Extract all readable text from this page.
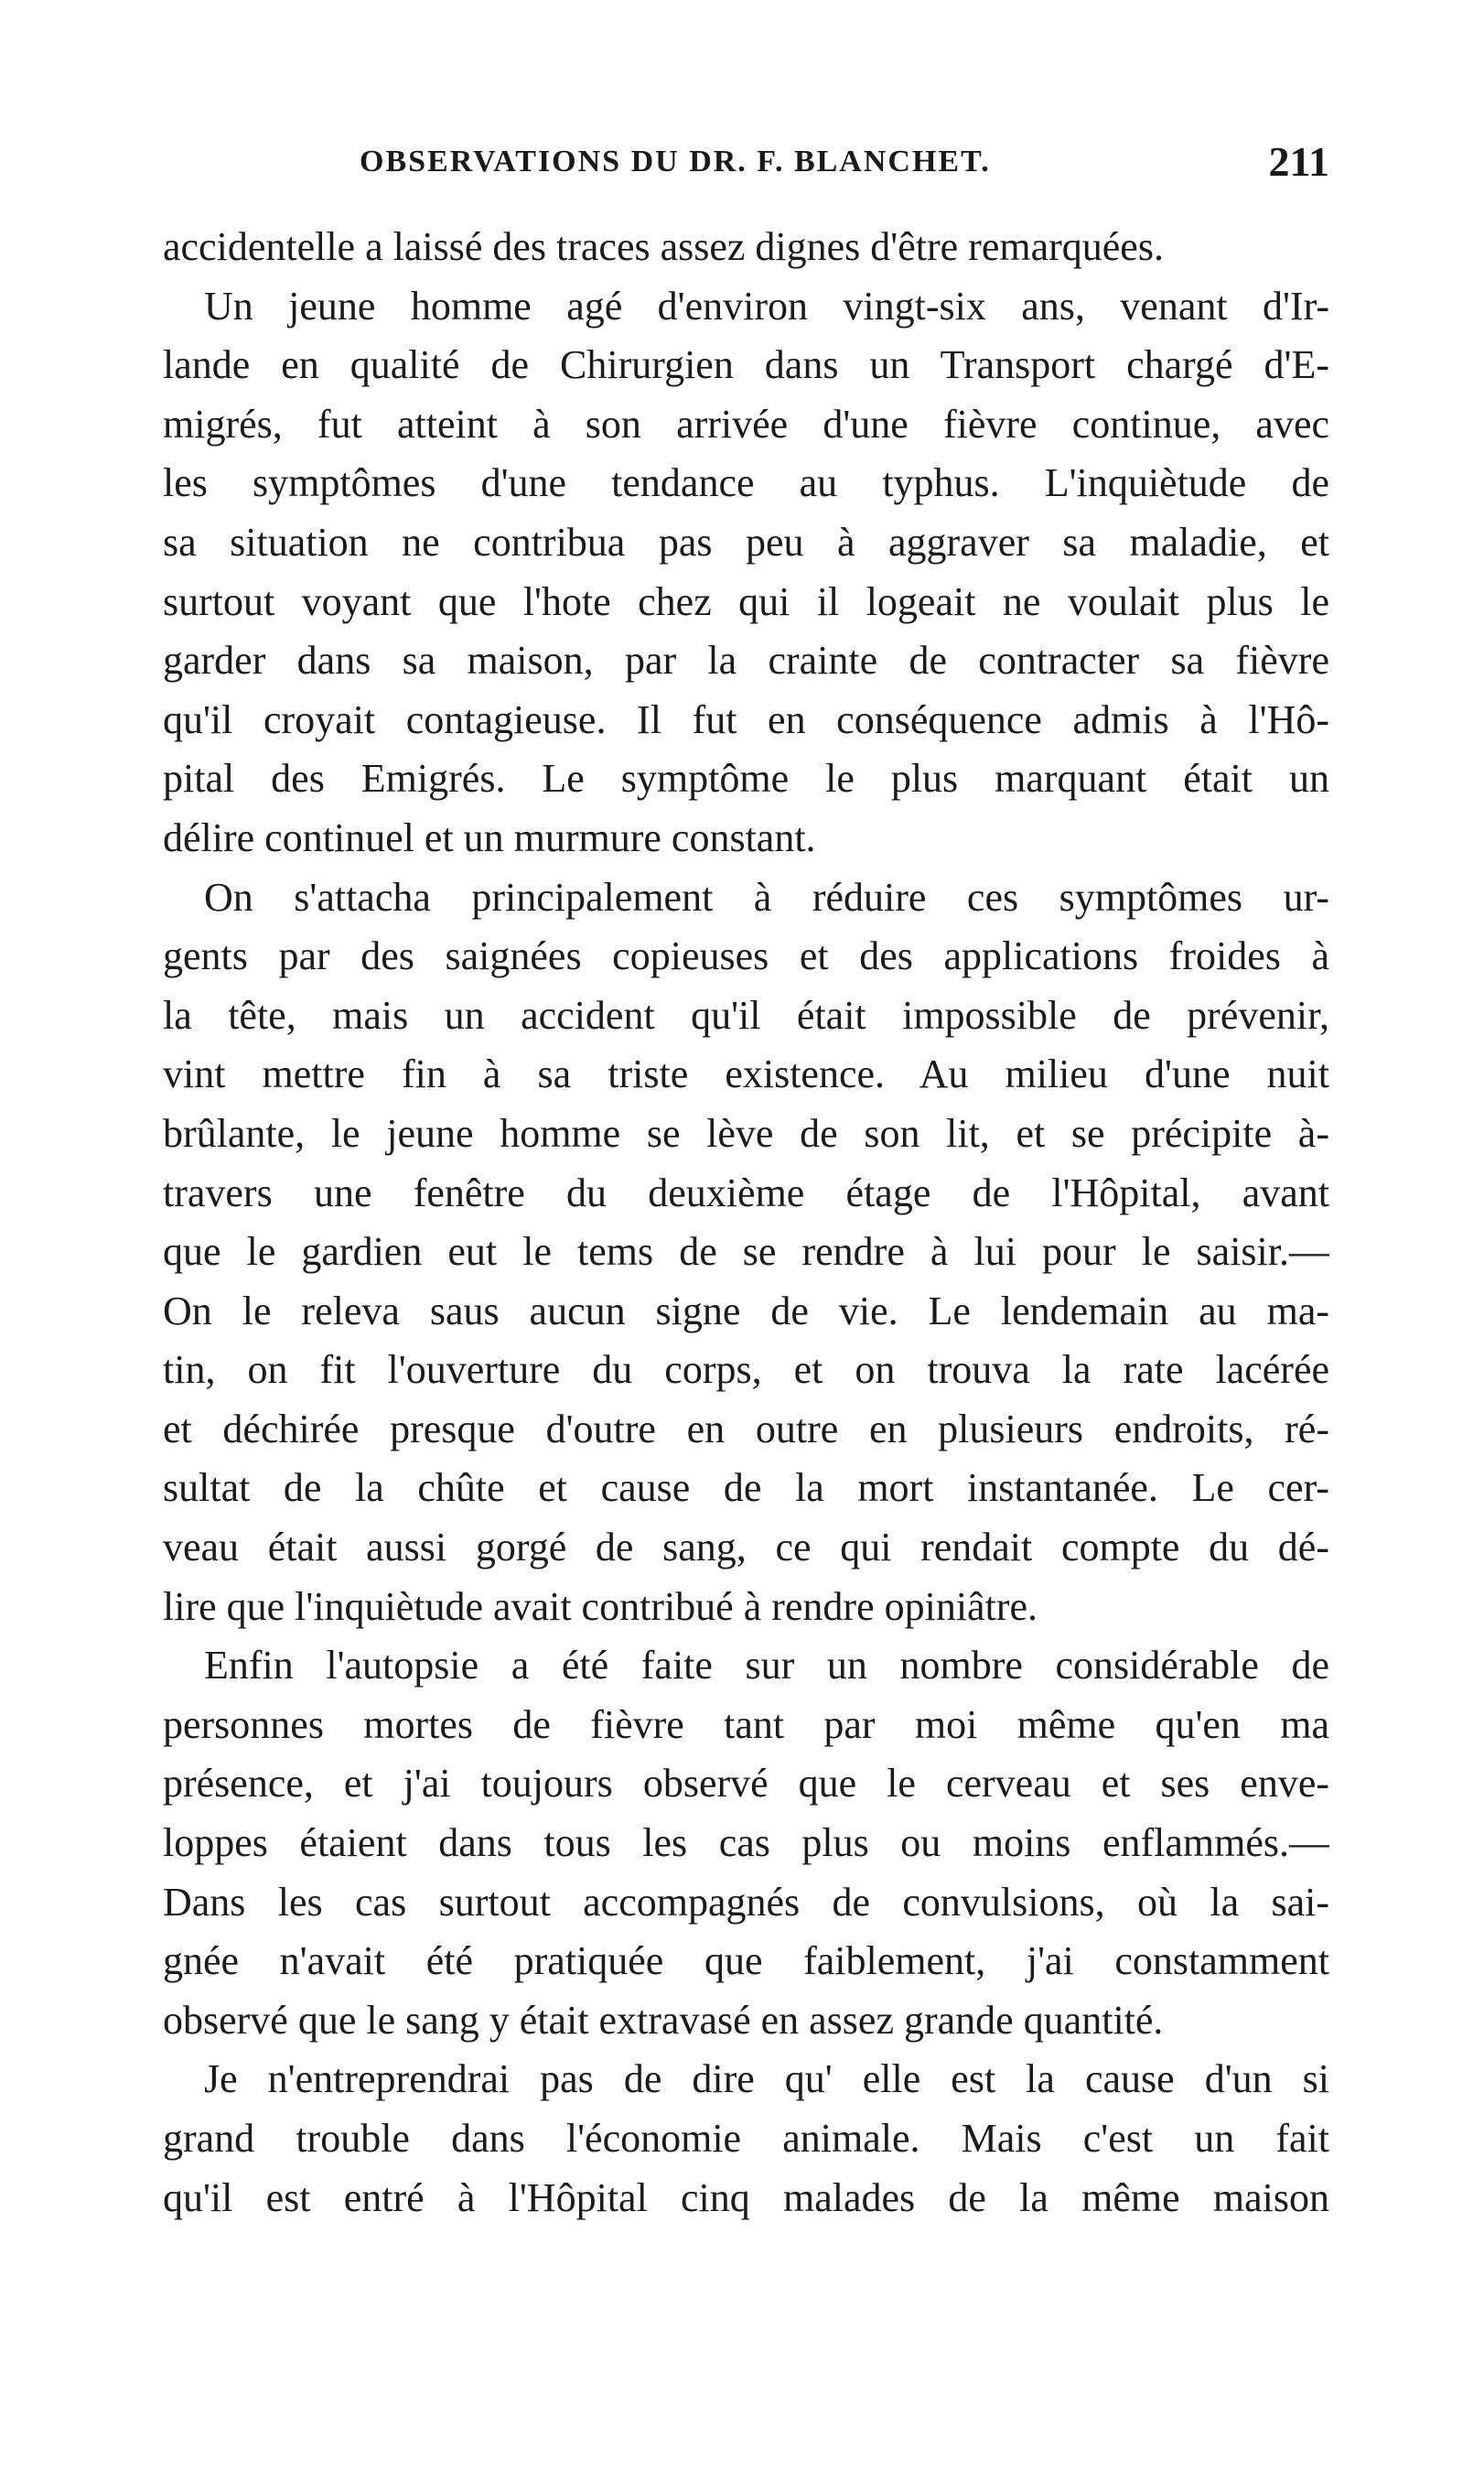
OBSERVATIONS DU DR. F. BLANCHET.	211
accidentelle a laissé des traces assez dignes d'être remarquées.
Un jeune homme agé d'environ vingt-six ans, venant d'Ir-
lande en qualité de Chirurgien dans un Transport chargé d'E-
migrés, fut atteint à son arrivée d'une fièvre continue, avec
les symptômes d'une tendance au typhus. L'inquiètude de
sa situation ne contribua pas peu à aggraver sa maladie, et
surtout voyant que l'hote chez qui il logeait ne voulait plus le
garder dans sa maison, par la crainte de contracter sa fièvre
qu'il croyait contagieuse. Il fut en conséquence admis à l'Hô-
pital des Emigrés. Le symptôme le plus marquant était un
délire continuel et un murmure constant.
On s'attacha principalement à réduire ces symptômes ur-
gents par des saignées copieuses et des applications froides à
la tête, mais un accident qu'il était impossible de prévenir,
vint mettre fin à sa triste existence. Au milieu d'une nuit
brûlante, le jeune homme se lève de son lit, et se précipite à-
travers une fenêtre du deuxième étage de l'Hôpital, avant
que le gardien eut le tems de se rendre à lui pour le saisir.—
On le releva saus aucun signe de vie. Le lendemain au ma-
tin, on fit l'ouverture du corps, et on trouva la rate lacérée
et déchirée presque d'outre en outre en plusieurs endroits, ré-
sultat de la chûte et cause de la mort instantanée. Le cer-
veau était aussi gorgé de sang, ce qui rendait compte du dé-
lire que l'inquiètude avait contribué à rendre opiniâtre.
Enfin l'autopsie a été faite sur un nombre considérable de
personnes mortes de fièvre tant par moi même qu'en ma
présence, et j'ai toujours observé que le cerveau et ses enve-
loppes étaient dans tous les cas plus ou moins enflammés.—
Dans les cas surtout accompagnés de convulsions, où la sai-
gnée n'avait été pratiquée que faiblement, j'ai constamment
observé que le sang y était extravasé en assez grande quantité.
Je n'entreprendrai pas de dire qu' elle est la cause d'un si
grand trouble dans l'économie animale. Mais c'est un fait
qu'il est entré à l'Hôpital cinq malades de la même maison
